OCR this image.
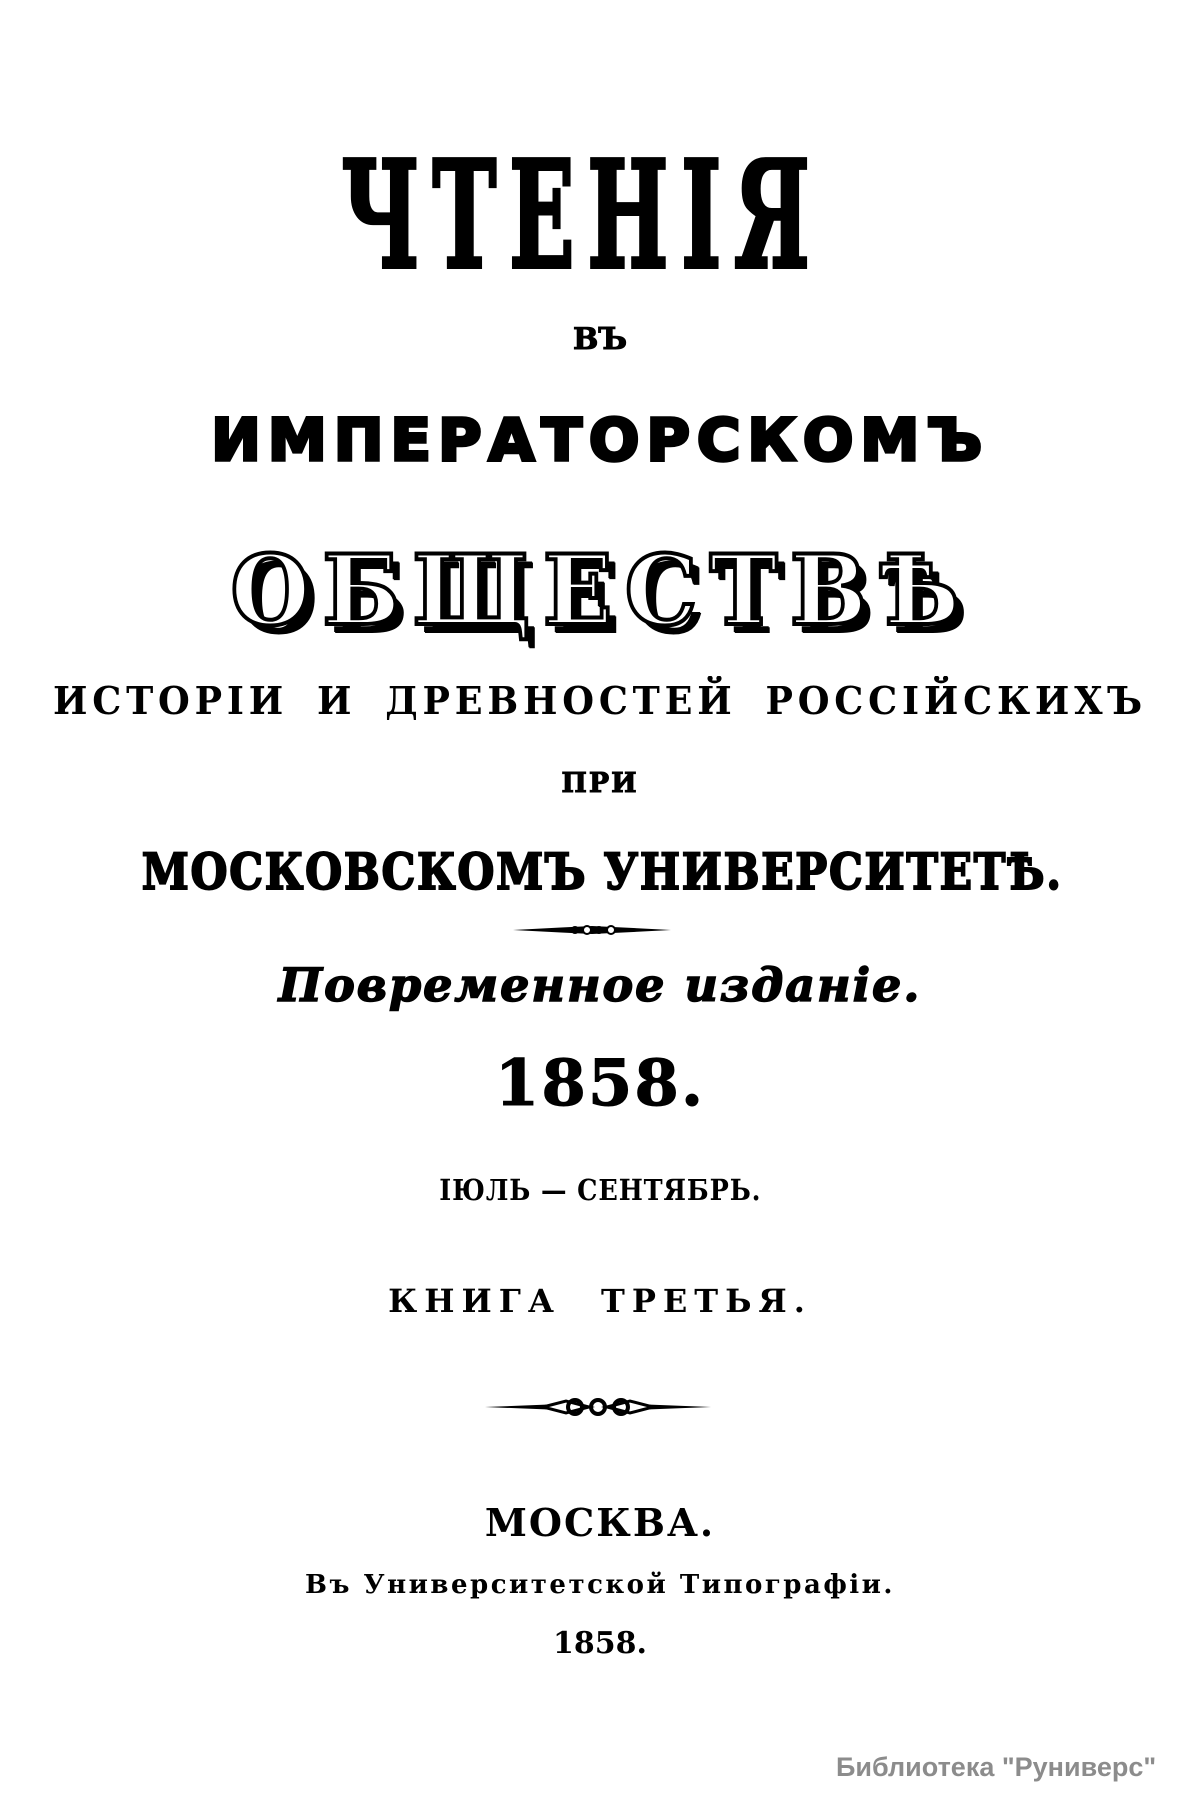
ЧТЕНІЯ
ВЪ
ИМПЕРАТОРСКОМЪ
ОБЩЕСТВѢ
ИСТОРІИ И ДРЕВНОСТЕЙ РОССІЙСКИХЪ
ПРИ
МОСКОВСКОМЪ УНИВЕРСИТЕТѢ.
Повременное изданіе.
1858.
ІЮЛЬ — СЕНТЯБРЬ.
КНИГА ТРЕТЬЯ.
МОСКВА.
Въ Университетской Типографіи.
1858.
Библиотека "Руниверс"
